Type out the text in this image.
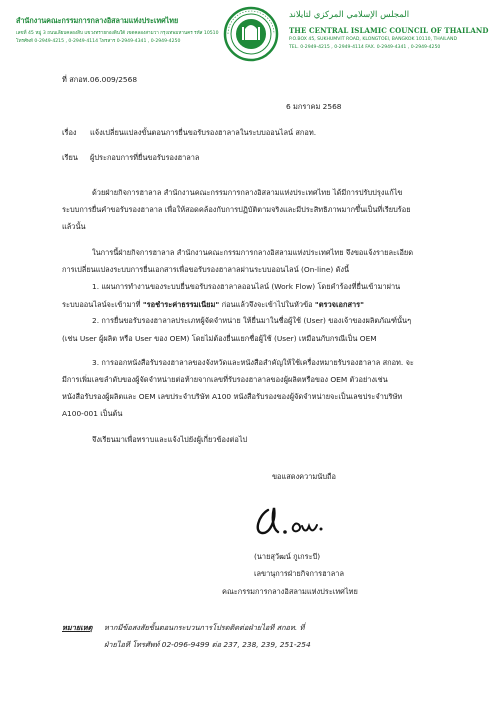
สำนักงานคณะกรรมการกลางอิสลามแห่งประเทศไทย
เลขที่ 45 หมู่ 3 ถนนเลียบคลองสิบ แขวงทรายกองดินใต้ เขตคลองสามวา กรุงเทพมหานคร รหัส 10510
โทรศัพท์ 0-2949-4215 , 0-2949-4114 โทรสาร 0-2949-4341 , 0-2949-4250
المجلس الإسلامي المركزي لتايلاند
THE CENTRAL ISLAMIC COUNCIL OF THAILAND
P.O.BOX 45, SUKHUMVIT ROAD, KLONGTOEI, BANGKOK 10110, THAILAND
TEL. 0-2949-4215 , 0-2949-4114 FAX. 0-2949-4341 , 0-2949-4250
ที่ สกอท.06.009/2568
6 มกราคม 2568
เรื่อง แจ้งเปลี่ยนแปลงขั้นตอนการยื่นขอรับรองฮาลาลในระบบออนไลน์ สกอท.
เรียน ผู้ประกอบการที่ยื่นขอรับรองฮาลาล
ด้วยฝ่ายกิจการฮาลาล สำนักงานคณะกรรมการกลางอิสลามแห่งประเทศไทย ได้มีการปรับปรุงแก้ไข
ระบบการยื่นคำขอรับรองฮาลาล เพื่อให้สอดคล้องกับการปฏิบัติตามจริงและมีประสิทธิภาพมากขึ้นเป็นที่เรียบร้อย
แล้วนั้น
ในการนี้ฝ่ายกิจการฮาลาล สำนักงานคณะกรรมการกลางอิสลามแห่งประเทศไทย จึงขอแจ้งรายละเอียด
การเปลี่ยนแปลงระบบการยื่นเอกสารเพื่อขอรับรองฮาลาลผ่านระบบออนไลน์ (On-line) ดังนี้
1. แผนการทำงานของระบบยื่นขอรับรองฮาลาลออนไลน์ (Work Flow) โดยคำร้องที่ยื่นเข้ามาผ่าน
ระบบออนไลน์จะเข้ามาที่ "รอชำระค่าธรรมเนียม" ก่อนแล้วจึงจะเข้าไปในหัวข้อ "ตรวจเอกสาร"
2. การยื่นขอรับรองฮาลาลประเภทผู้จัดจำหน่าย ให้ยื่นมาในชื่อผู้ใช้ (User) ของเจ้าของผลิตภัณฑ์นั้นๆ
(เช่น User ผู้ผลิต หรือ User ของ OEM) โดยไม่ต้องยื่นแยกชื่อผู้ใช้ (User) เหมือนกับกรณีเป็น OEM
3. การออกหนังสือรับรองฮาลาลของจังหวัดและหนังสือสำคัญให้ใช้เครื่องหมายรับรองฮาลาล สกอท. จะ
มีการเพิ่มเลขลำดับของผู้จัดจำหน่ายต่อท้ายจากเลขที่รับรองฮาลาลของผู้ผลิตหรือของ OEM ตัวอย่างเช่น
หนังสือรับรองผู้ผลิตและ OEM เลขประจำบริษัท A100 หนังสือรับรองของผู้จัดจำหน่ายจะเป็นเลขประจำบริษัท
A100-001 เป็นต้น
จึงเรียนมาเพื่อทราบและแจ้งไปยังผู้เกี่ยวข้องต่อไป
ขอแสดงความนับถือ
(นายสุวัฒน์ กูเกระบี)
เลขานุการฝ่ายกิจการฮาลาล
คณะกรรมการกลางอิสลามแห่งประเทศไทย
หมายเหตุ หากมีข้อสงสัยขั้นตอนกระบวนการโปรดติดต่อฝ่ายไอที สกอท. ที่
ฝ่ายไอที โทรศัพท์ 02-096-9499 ต่อ 237, 238, 239, 251-254
